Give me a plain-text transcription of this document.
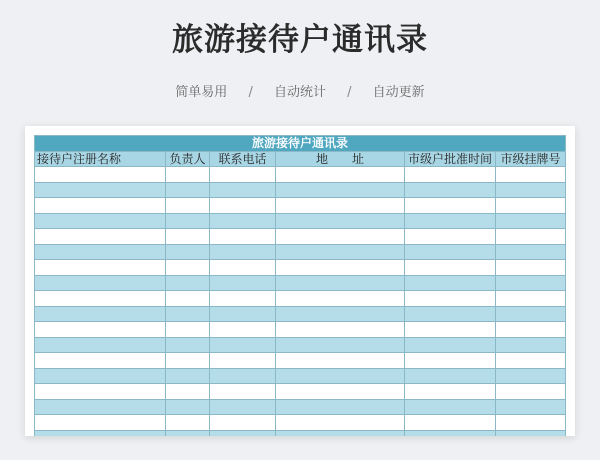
旅游接待户通讯录
简单易用 / 自动统计 / 自动更新
旅游接待户通讯录					
接待户注册名称	负责人	联系电话	地　　址	市级户批准时间	市级挂牌号
